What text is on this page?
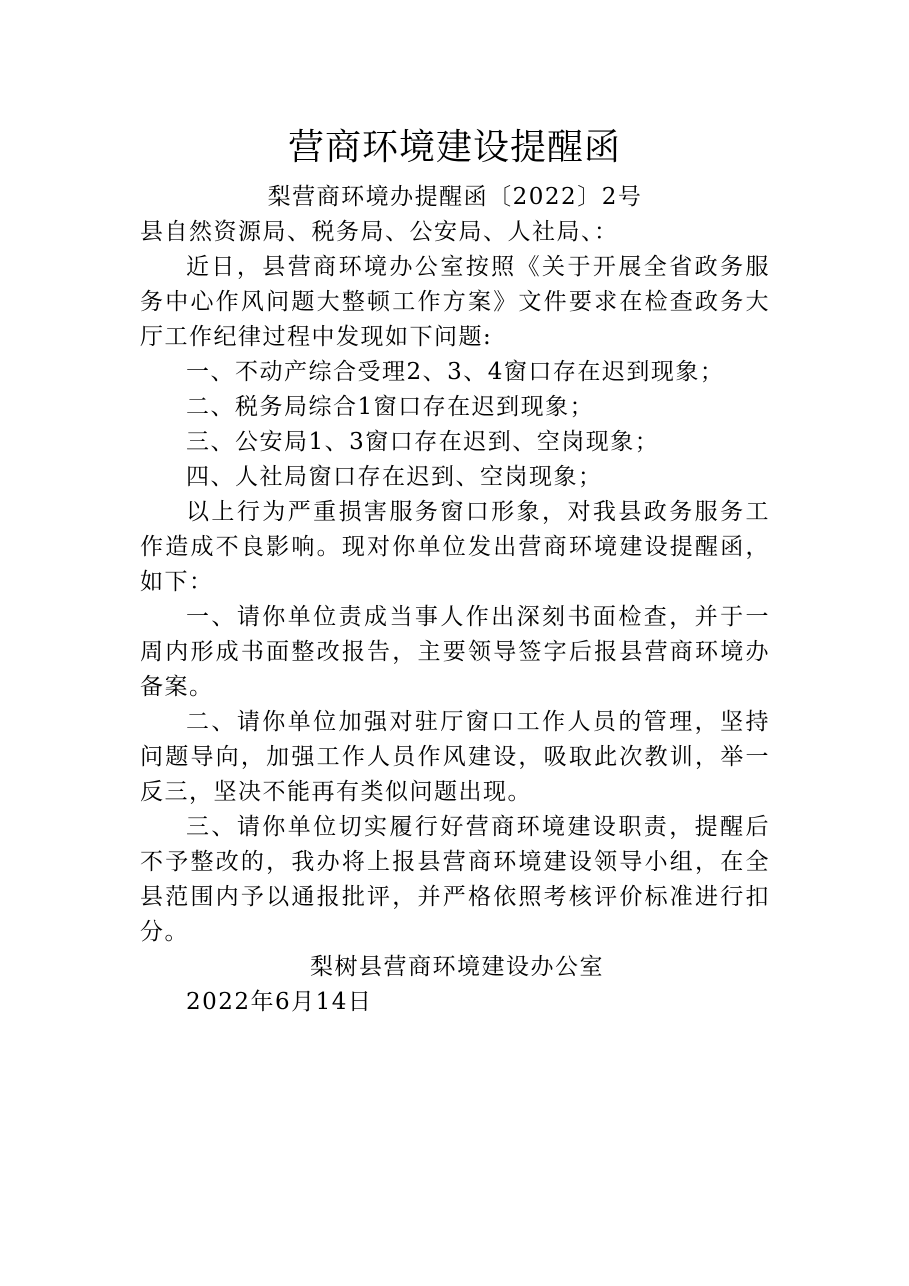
营商环境建设提醒函

梨营商环境办提醒函〔2022〕2号

县自然资源局、税务局、公安局、人社局、：

近日，县营商环境办公室按照《关于开展全省政务服务中心作风问题大整顿工作方案》文件要求在检查政务大厅工作纪律过程中发现如下问题:

一、不动产综合受理2、3、4窗口存在迟到现象；

二、税务局综合1窗口存在迟到现象；

三、公安局1、3窗口存在迟到、空岗现象；

四、人社局窗口存在迟到、空岗现象；

以上行为严重损害服务窗口形象，对我县政务服务工作造成不良影响。现对你单位发出营商环境建设提醒函，如下：

一、请你单位责成当事人作出深刻书面检查，并于一周内形成书面整改报告，主要领导签字后报县营商环境办备案。

二、请你单位加强对驻厅窗口工作人员的管理，坚持问题导向，加强工作人员作风建设，吸取此次教训，举一反三，坚决不能再有类似问题出现。

三、请你单位切实履行好营商环境建设职责，提醒后不予整改的，我办将上报县营商环境建设领导小组，在全县范围内予以通报批评，并严格依照考核评价标准进行扣分。

梨树县营商环境建设办公室

2022年6月14日
